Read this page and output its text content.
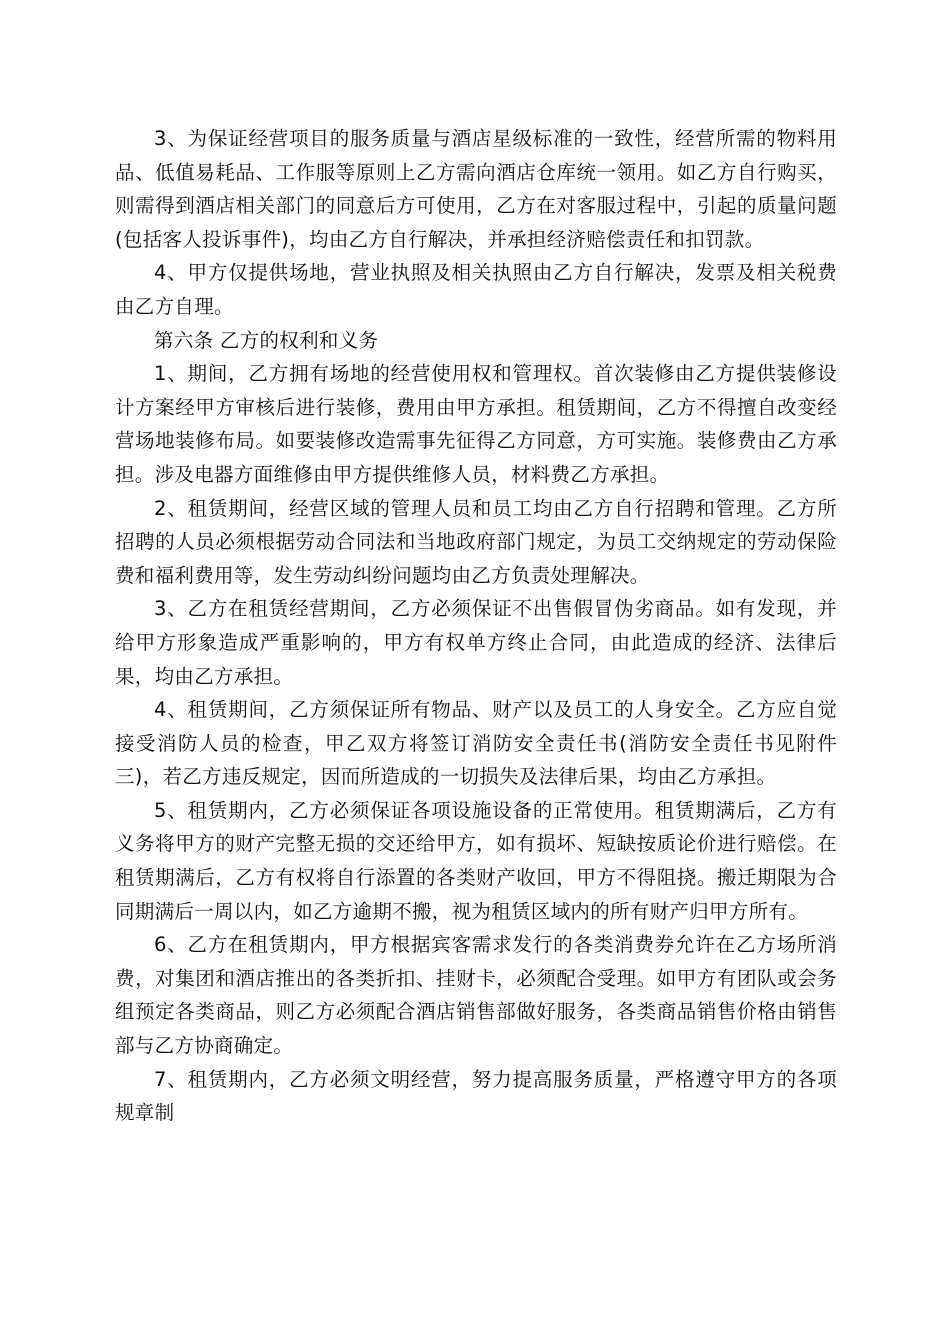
3、为保证经营项目的服务质量与酒店星级标准的一致性，经营所需的物料用品、低值易耗品、工作服等原则上乙方需向酒店仓库统一领用。如乙方自行购买，则需得到酒店相关部门的同意后方可使用，乙方在对客服过程中，引起的质量问题(包括客人投诉事件)，均由乙方自行解决，并承担经济赔偿责任和扣罚款。

4、甲方仅提供场地，营业执照及相关执照由乙方自行解决，发票及相关税费由乙方自理。

第六条 乙方的权利和义务

1、期间，乙方拥有场地的经营使用权和管理权。首次装修由乙方提供装修设计方案经甲方审核后进行装修，费用由甲方承担。租赁期间，乙方不得擅自改变经营场地装修布局。如要装修改造需事先征得乙方同意，方可实施。装修费由乙方承担。涉及电器方面维修由甲方提供维修人员，材料费乙方承担。

2、租赁期间，经营区域的管理人员和员工均由乙方自行招聘和管理。乙方所招聘的人员必须根据劳动合同法和当地政府部门规定，为员工交纳规定的劳动保险费和福利费用等，发生劳动纠纷问题均由乙方负责处理解决。

3、乙方在租赁经营期间，乙方必须保证不出售假冒伪劣商品。如有发现，并给甲方形象造成严重影响的，甲方有权单方终止合同，由此造成的经济、法律后果，均由乙方承担。

4、租赁期间，乙方须保证所有物品、财产以及员工的人身安全。乙方应自觉接受消防人员的检查，甲乙双方将签订消防安全责任书(消防安全责任书见附件三)，若乙方违反规定，因而所造成的一切损失及法律后果，均由乙方承担。

5、租赁期内，乙方必须保证各项设施设备的正常使用。租赁期满后，乙方有义务将甲方的财产完整无损的交还给甲方，如有损坏、短缺按质论价进行赔偿。在租赁期满后，乙方有权将自行添置的各类财产收回，甲方不得阻挠。搬迁期限为合同期满后一周以内，如乙方逾期不搬，视为租赁区域内的所有财产归甲方所有。

6、乙方在租赁期内，甲方根据宾客需求发行的各类消费券允许在乙方场所消费，对集团和酒店推出的各类折扣、挂财卡，必须配合受理。如甲方有团队或会务组预定各类商品，则乙方必须配合酒店销售部做好服务，各类商品销售价格由销售部与乙方协商确定。

7、租赁期内，乙方必须文明经营，努力提高服务质量，严格遵守甲方的各项规章制
